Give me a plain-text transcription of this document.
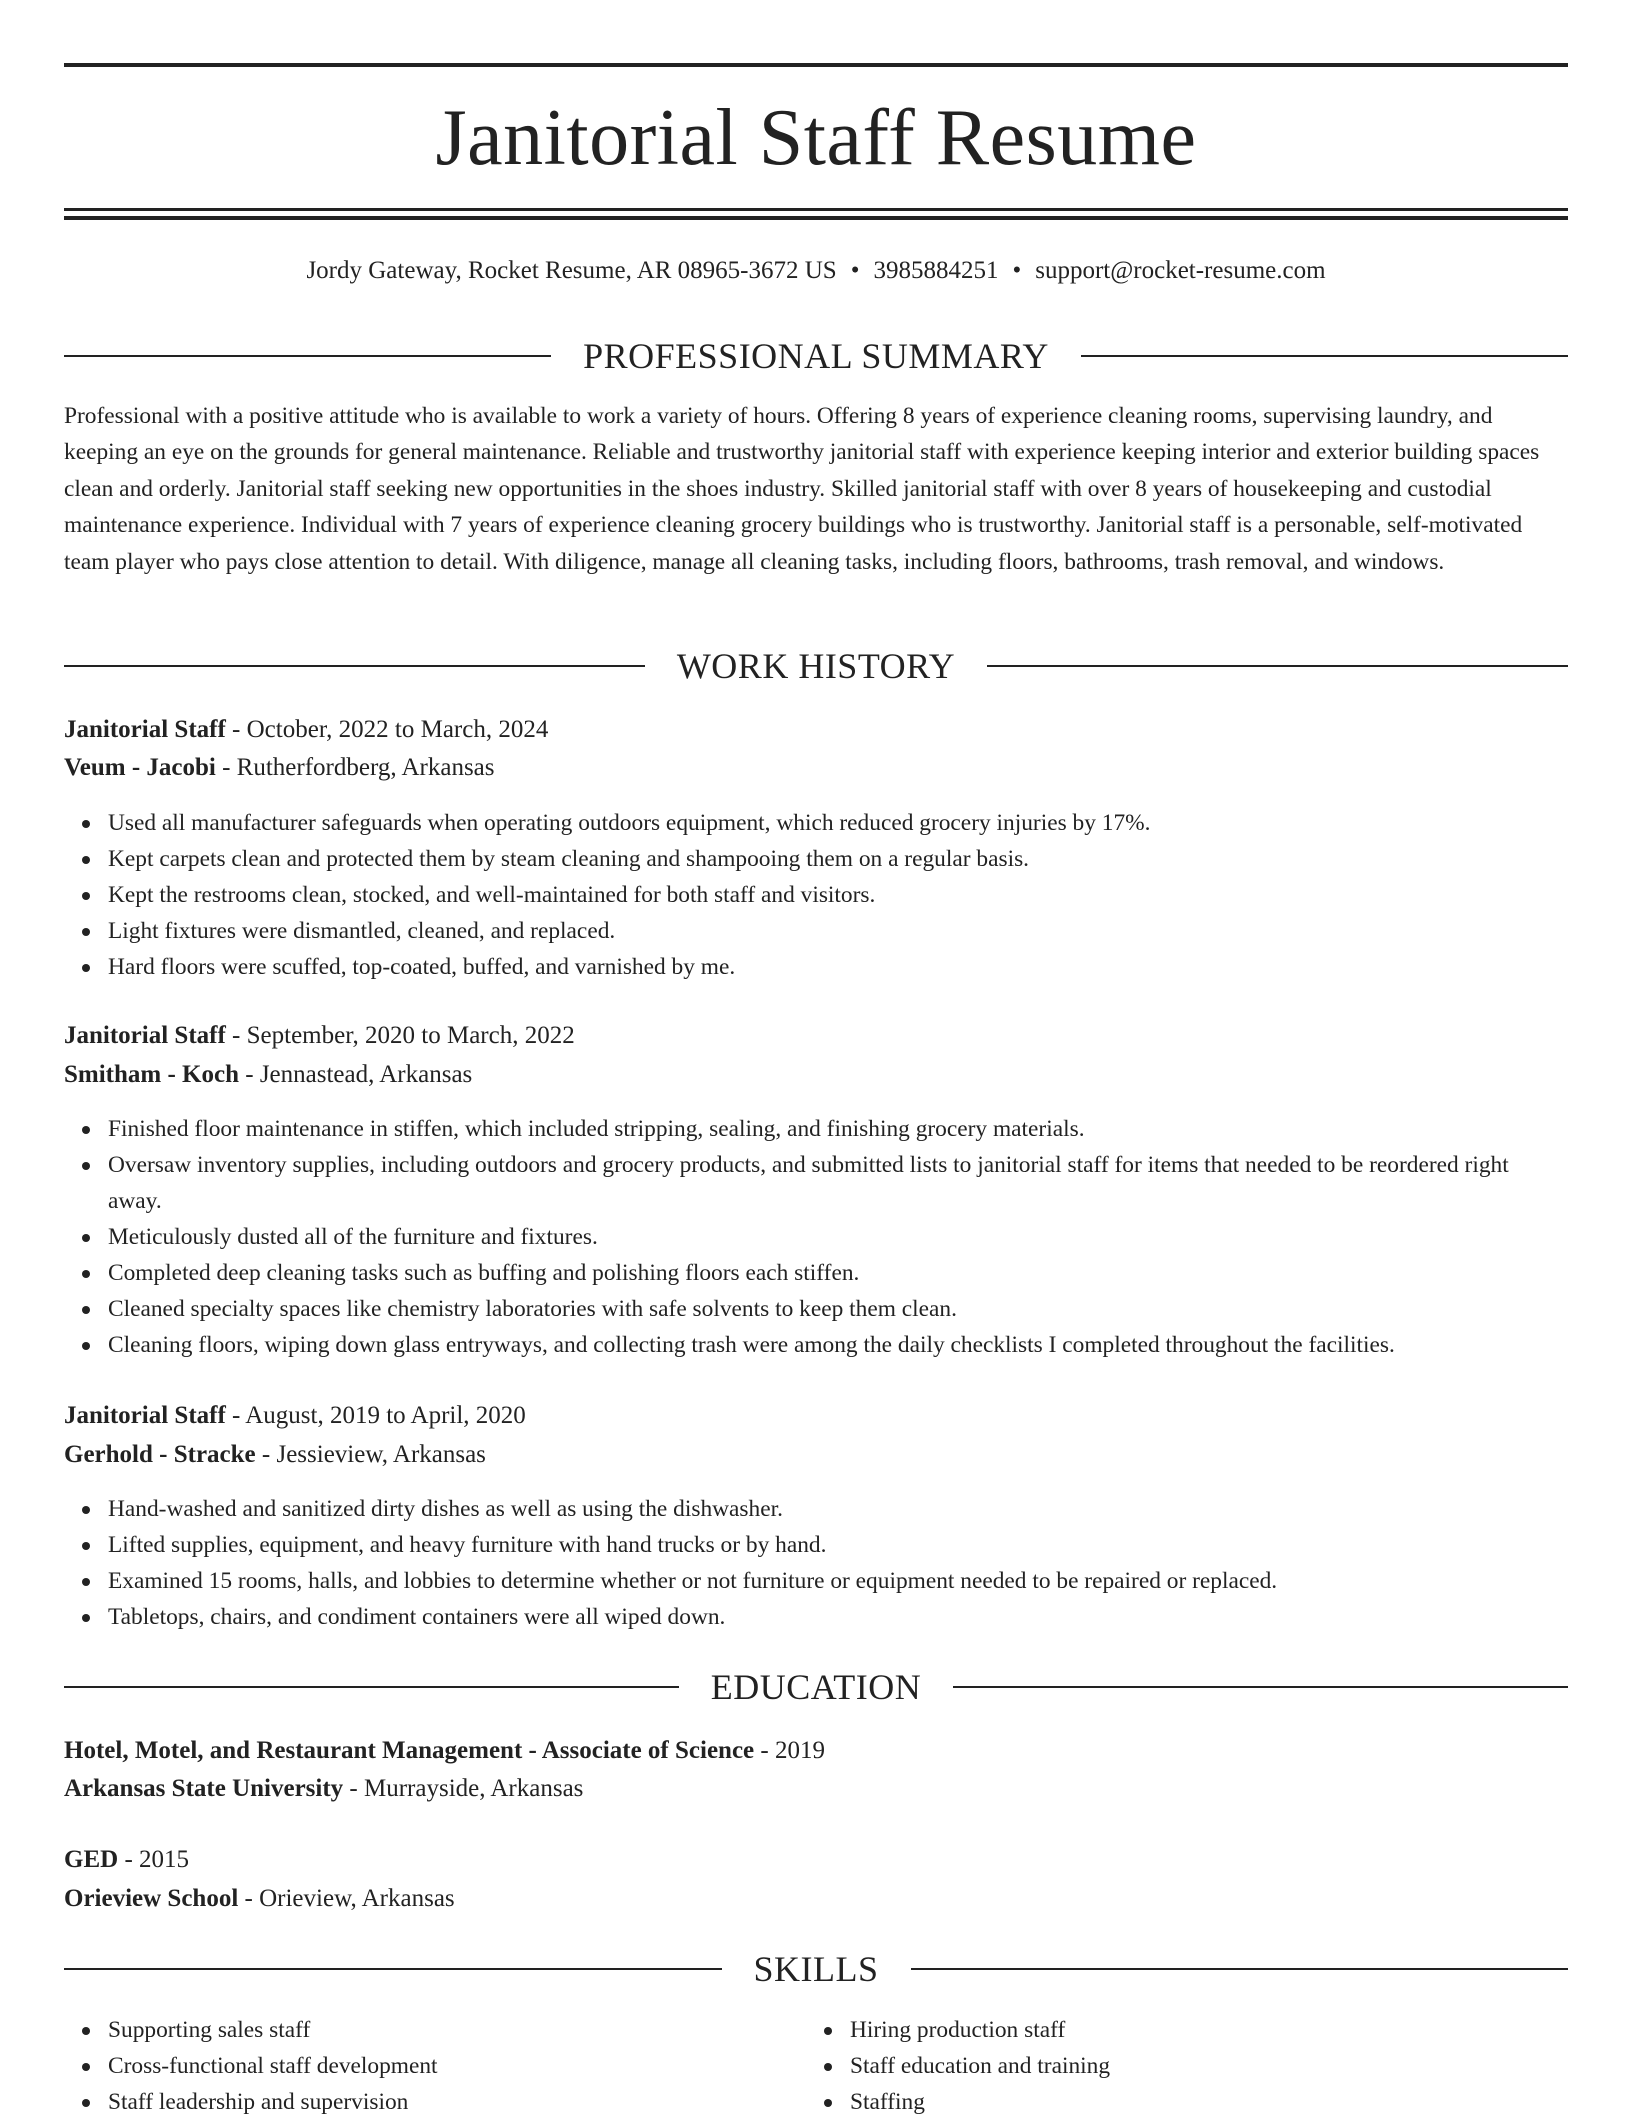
Janitorial Staff Resume
Jordy Gateway, Rocket Resume, AR 08965-3672 US • 3985884251 • support@rocket-resume.com
PROFESSIONAL SUMMARY

Professional with a positive attitude who is available to work a variety of hours. Offering 8 years of experience cleaning rooms, supervising laundry, and keeping an eye on the grounds for general maintenance. Reliable and trustworthy janitorial staff with experience keeping interior and exterior building spaces clean and orderly. Janitorial staff seeking new opportunities in the shoes industry. Skilled janitorial staff with over 8 years of housekeeping and custodial maintenance experience. Individual with 7 years of experience cleaning grocery buildings who is trustworthy. Janitorial staff is a personable, self-motivated team player who pays close attention to detail. With diligence, manage all cleaning tasks, including floors, bathrooms, trash removal, and windows.

WORK HISTORY
Janitorial Staff - October, 2022 to March, 2024
Veum - Jacobi - Rutherfordberg, Arkansas
Used all manufacturer safeguards when operating outdoors equipment, which reduced grocery injuries by 17%.
Kept carpets clean and protected them by steam cleaning and shampooing them on a regular basis.
Kept the restrooms clean, stocked, and well-maintained for both staff and visitors.
Light fixtures were dismantled, cleaned, and replaced.
Hard floors were scuffed, top-coated, buffed, and varnished by me.
Janitorial Staff - September, 2020 to March, 2022
Smitham - Koch - Jennastead, Arkansas
Finished floor maintenance in stiffen, which included stripping, sealing, and finishing grocery materials.
Oversaw inventory supplies, including outdoors and grocery products, and submitted lists to janitorial staff for items that needed to be reordered right away.
Meticulously dusted all of the furniture and fixtures.
Completed deep cleaning tasks such as buffing and polishing floors each stiffen.
Cleaned specialty spaces like chemistry laboratories with safe solvents to keep them clean.
Cleaning floors, wiping down glass entryways, and collecting trash were among the daily checklists I completed throughout the facilities.
Janitorial Staff - August, 2019 to April, 2020
Gerhold - Stracke - Jessieview, Arkansas
Hand-washed and sanitized dirty dishes as well as using the dishwasher.
Lifted supplies, equipment, and heavy furniture with hand trucks or by hand.
Examined 15 rooms, halls, and lobbies to determine whether or not furniture or equipment needed to be repaired or replaced.
Tabletops, chairs, and condiment containers were all wiped down.
EDUCATION
Hotel, Motel, and Restaurant Management - Associate of Science - 2019
Arkansas State University - Murrayside, Arkansas
GED - 2015
Orieview School - Orieview, Arkansas
SKILLS
Supporting sales staff
Cross-functional staff development
Staff leadership and supervision
Hiring production staff
Staff education and training
Staffing
